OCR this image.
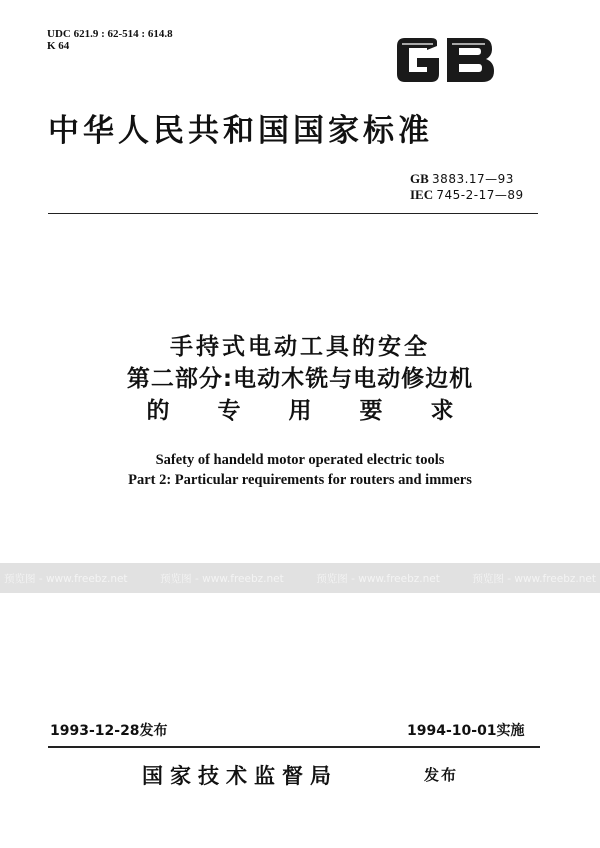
UDC 621.9 : 62-514 : 614.8
K 64
中华人民共和国国家标准
GB 3883.17—93
IEC 745-2-17—89
手持式电动工具的安全
第二部分:电动木铣与电动修边机
的 专 用 要 求
Safety of handeld motor operated electric tools
Part 2: Particular requirements for routers and immers
预览图 - www.freebz.net	预览图 - www.freebz.net	预览图 - www.freebz.net	预览图 - www.freebz.net
1993-12-28发布	1994-10-01实施
国家技术监督局	发布
